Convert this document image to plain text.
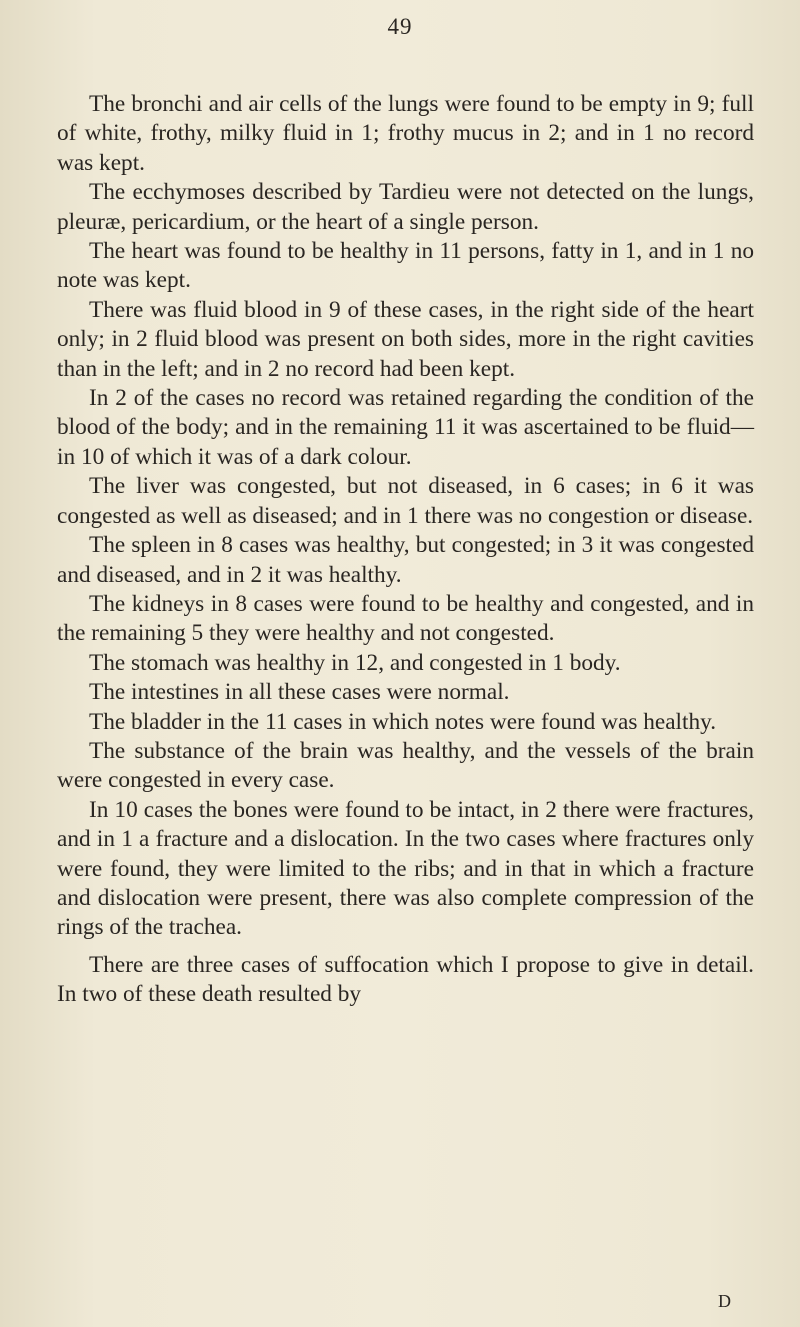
49

The bronchi and air cells of the lungs were found to be empty in 9; full of white, frothy, milky fluid in 1; frothy mucus in 2; and in 1 no record was kept.

The ecchymoses described by Tardieu were not detected on the lungs, pleuræ, pericardium, or the heart of a single person.

The heart was found to be healthy in 11 persons, fatty in 1, and in 1 no note was kept.

There was fluid blood in 9 of these cases, in the right side of the heart only; in 2 fluid blood was present on both sides, more in the right cavities than in the left; and in 2 no record had been kept.

In 2 of the cases no record was retained regarding the condition of the blood of the body; and in the remaining 11 it was ascertained to be fluid—in 10 of which it was of a dark colour.

The liver was congested, but not diseased, in 6 cases; in 6 it was congested as well as diseased; and in 1 there was no congestion or disease.

The spleen in 8 cases was healthy, but congested; in 3 it was congested and diseased, and in 2 it was healthy.

The kidneys in 8 cases were found to be healthy and congested, and in the remaining 5 they were healthy and not congested.

The stomach was healthy in 12, and congested in 1 body.

The intestines in all these cases were normal.

The bladder in the 11 cases in which notes were found was healthy.

The substance of the brain was healthy, and the vessels of the brain were congested in every case.

In 10 cases the bones were found to be intact, in 2 there were fractures, and in 1 a fracture and a dislocation. In the two cases where fractures only were found, they were limited to the ribs; and in that in which a fracture and dislocation were present, there was also complete compression of the rings of the trachea.

There are three cases of suffocation which I propose to give in detail. In two of these death resulted by

D
